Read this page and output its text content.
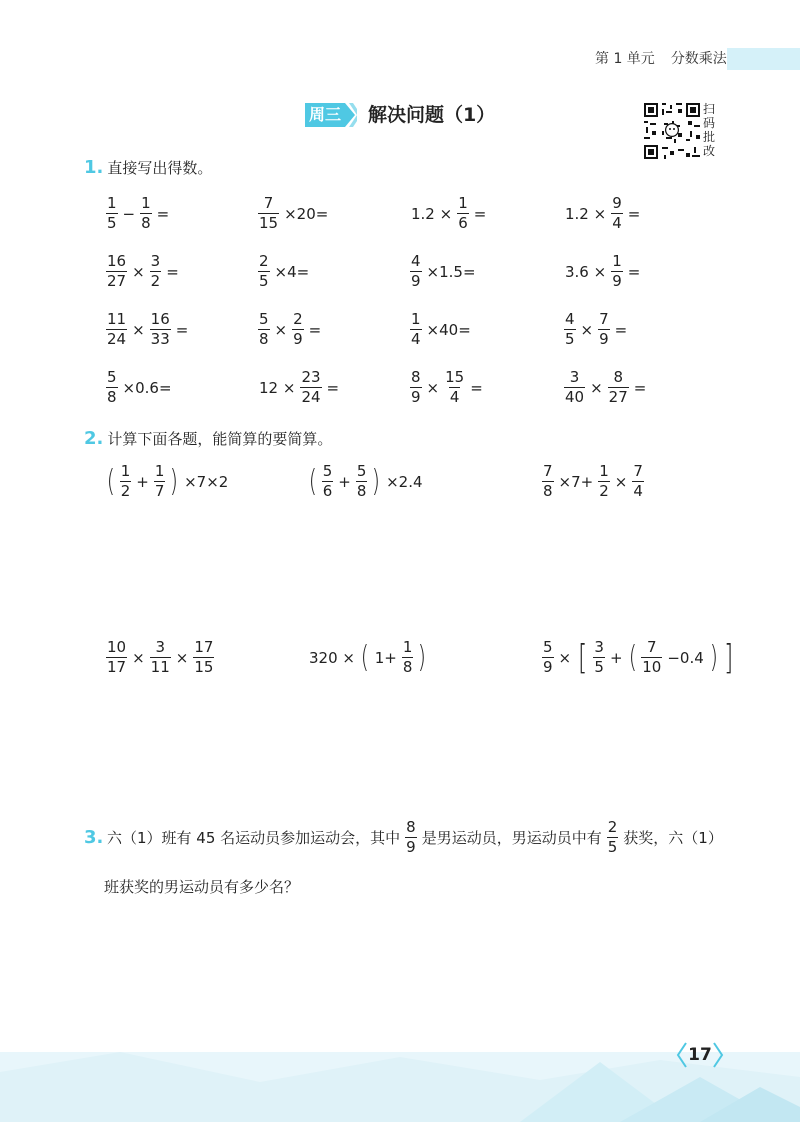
第 1 单元 分数乘法
周三 解决问题（1）	扫
码
批
改
1. 直接写出得数。
$\frac{1}{5} - \frac{1}{8}$ =	$\frac{7}{15} \times 20=$	$1.2 \times \frac{1}{6}$ =	$1.2 \times \frac{9}{4}$ =
$\frac{16}{27} \times \frac{3}{2}$ =	$\frac{2}{5} \times 4=$	$\frac{4}{9} \times 1.5=$	$3.6 \times \frac{1}{9}$ =
$\frac{11}{24} \times \frac{16}{33}$ =	$\frac{5}{8} \times \frac{2}{9}$ =	$\frac{1}{4} \times 40=$	$\frac{4}{5} \times \frac{7}{9}$ =
$\frac{5}{8} \times 0.6=$	$12 \times \frac{23}{24}$ =	$\frac{8}{9} \times \frac{15}{4}$ =	$\frac{3}{40} \times \frac{8}{27}$ =
2. 计算下面各题，能简算的要简算。
( $\frac{1}{2} + \frac{1}{7}$ ) ×7×2	( $\frac{5}{6} + \frac{5}{8}$ ) ×2.4	$\frac{7}{8} \times 7+ \frac{1}{2} \times \frac{7}{4}$
$\frac{10}{17} \times \frac{3}{11} \times \frac{17}{15}$	320 × ( $1+ \frac{1}{8}$ )	$\frac{5}{9}$ × [ $\frac{3}{5}$ + ( $\frac{7}{10} -0.4$ ) ]
3. 六（1）班有 45 名运动员参加运动会，其中 $\frac{8}{9}$ 是男运动员，男运动员中有 $\frac{2}{5}$ 获奖，六（1）
班获奖的男运动员有多少名？
17
